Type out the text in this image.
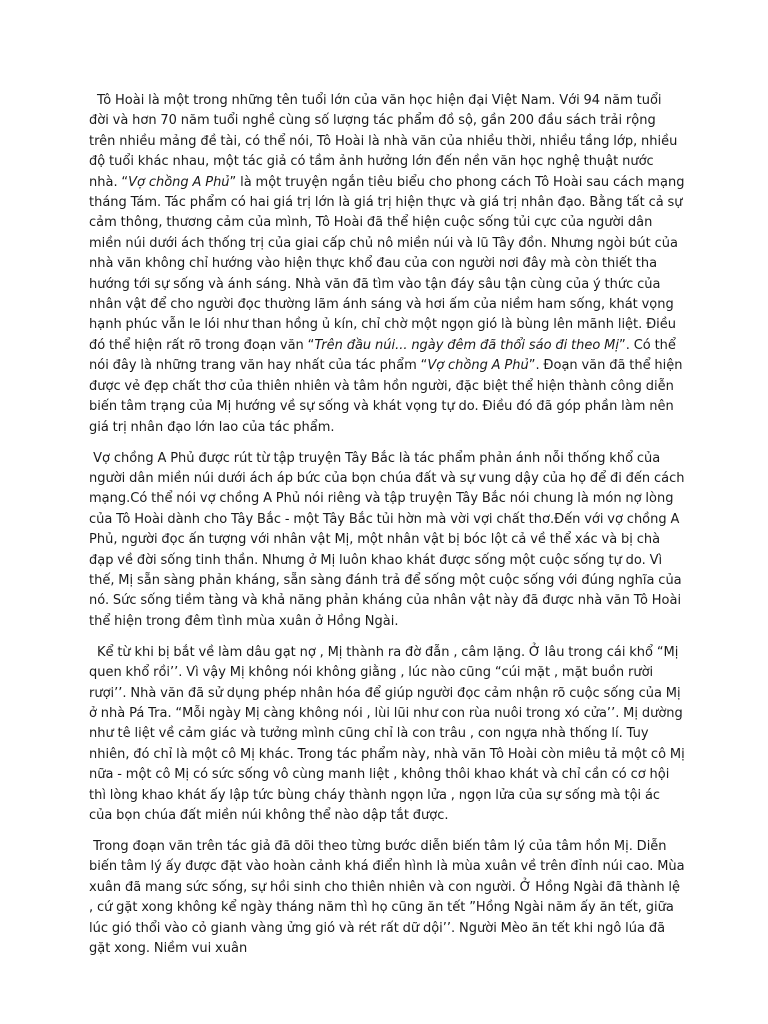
Tô Hoài là một trong những tên tuổi lớn của văn học hiện đại Việt Nam. Với 94 năm tuổi đời và hơn 70 năm tuổi nghề cùng số lượng tác phẩm đồ sộ, gần 200 đầu sách trải rộng trên nhiều mảng đề tài, có thể nói, Tô Hoài là nhà văn của nhiều thời, nhiều tầng lớp, nhiều độ tuổi khác nhau, một tác giả có tầm ảnh hưởng lớn đến nền văn học nghệ thuật nước nhà. “Vợ chồng A Phủ” là một truyện ngắn tiêu biểu cho phong cách Tô Hoài sau cách mạng tháng Tám. Tác phẩm có hai giá trị lớn là giá trị hiện thực và giá trị nhân đạo. Bằng tất cả sự cảm thông, thương cảm của mình, Tô Hoài đã thể hiện cuộc sống tủi cực của người dân miền núi dưới ách thống trị của giai cấp chủ nô miền núi và lũ Tây đồn. Nhưng ngòi bút của nhà văn không chỉ hướng vào hiện thực khổ đau của con người nơi đây mà còn thiết tha hướng tới sự sống và ánh sáng. Nhà văn đã tìm vào tận đáy sâu tận cùng của ý thức của nhân vật để cho người đọc thường lãm ánh sáng và hơi ấm của niềm ham sống, khát vọng hạnh phúc vẫn le lói như than hồng ủ kín, chỉ chờ một ngọn gió là bùng lên mãnh liệt. Điều đó thể hiện rất rõ trong đoạn văn “Trên đầu núi... ngày đêm đã thổi sáo đi theo Mị”. Có thể nói đây là những trang văn hay nhất của tác phẩm “Vợ chồng A Phủ”. Đoạn văn đã thể hiện được vẻ đẹp chất thơ của thiên nhiên và tâm hồn người, đặc biệt thể hiện thành công diễn biến tâm trạng của Mị hướng về sự sống và khát vọng tự do. Điều đó đã góp phần làm nên giá trị nhân đạo lớn lao của tác phẩm.

Vợ chồng A Phủ được rút từ tập truyện Tây Bắc là tác phẩm phản ánh nỗi thống khổ của người dân miền núi dưới ách áp bức của bọn chúa đất và sự vung dậy của họ để đi đến cách mạng.Có thể nói vợ chồng A Phủ nói riêng và tập truyện Tây Bắc nói chung là món nợ lòng của Tô Hoài dành cho Tây Bắc - một Tây Bắc tủi hờn mà vời vợi chất thơ.Đến với vợ chồng A Phủ, người đọc ấn tượng với nhân vật Mị, một nhân vật bị bóc lột cả về thể xác và bị chà đạp về đời sống tinh thần. Nhưng ở Mị luôn khao khát được sống một cuộc sống tự do. Vì thế, Mị sẵn sàng phản kháng, sẵn sàng đánh trả để sống một cuộc sống với đúng nghĩa của nó. Sức sống tiềm tàng và khả năng phản kháng của nhân vật này đã được nhà văn Tô Hoài thể hiện trong đêm tình mùa xuân ở Hồng Ngài.

Kể từ khi bị bắt về làm dâu gạt nợ , Mị thành ra đờ đẫn , câm lặng. Ở lâu trong cái khổ “Mị quen khổ rồi’’. Vì vậy Mị không nói không giằng , lúc nào cũng “cúi mặt , mặt buồn rười rượi’’. Nhà văn đã sử dụng phép nhân hóa để giúp người đọc cảm nhận rõ cuộc sống của Mị ở nhà Pá Tra. “Mỗi ngày Mị càng không nói , lùi lũi như con rùa nuôi trong xó cửa’’. Mị dường như tê liệt về cảm giác và tưởng mình cũng chỉ là con trâu , con ngựa nhà thống lí. Tuy nhiên, đó chỉ là một cô Mị khác. Trong tác phẩm này, nhà văn Tô Hoài còn miêu tả một cô Mị nữa - một cô Mị có sức sống vô cùng manh liệt , không thôi khao khát và chỉ cần có cơ hội thì lòng khao khát ấy lập tức bùng cháy thành ngọn lửa , ngọn lửa của sự sống mà tội ác của bọn chúa đất miền núi không thể nào dập tắt được.

Trong đoạn văn trên tác giả đã dõi theo từng bước diễn biến tâm lý của tâm hồn Mị. Diễn biến tâm lý ấy được đặt vào hoàn cảnh khá điển hình là mùa xuân về trên đỉnh núi cao. Mùa xuân đã mang sức sống, sự hồi sinh cho thiên nhiên và con người. Ở Hồng Ngài đã thành lệ , cứ gặt xong không kể ngày tháng năm thì họ cũng ăn tết ”Hồng Ngài năm ấy ăn tết, giữa lúc gió thổi vào cỏ gianh vàng ửng gió và rét rất dữ dội’’. Người Mèo ăn tết khi ngô lúa đã gặt xong. Niềm vui xuân
